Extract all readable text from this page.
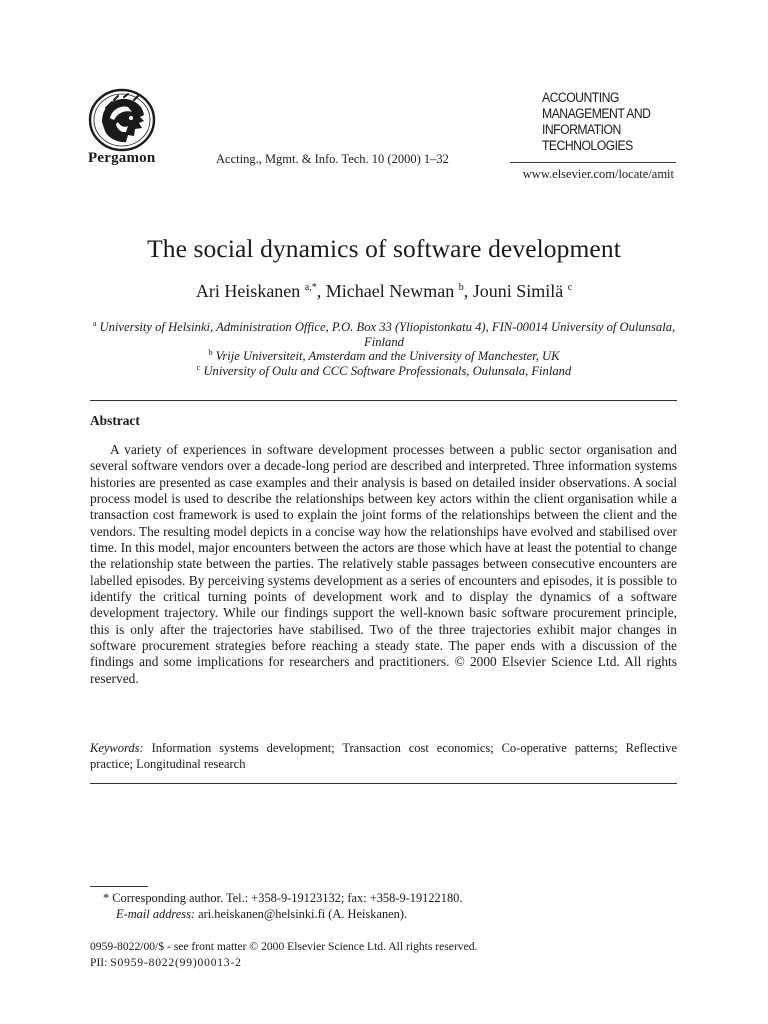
Pergamon	Accting., Mgmt. & Info. Tech. 10 (2000) 1–32
ACCOUNTING
MANAGEMENT AND
INFORMATION
TECHNOLOGIES
www.elsevier.com/locate/amit
The social dynamics of software development
Ari Heiskanen $^{a,*}$, Michael Newman $^b$, Jouni Similä $^c$
$^a$ University of Helsinki, Administration Office, P.O. Box 33 (Yliopistonkatu 4), FIN-00014 University of Oulunsala, Finland
$^b$ Vrije Universiteit, Amsterdam and the University of Manchester, UK
$^c$ University of Oulu and CCC Software Professionals, Oulunsala, Finland
Abstract

A variety of experiences in software development processes between a public sector organisation and several software vendors over a decade-long period are described and interpreted. Three information systems histories are presented as case examples and their analysis is based on detailed insider observations. A social process model is used to describe the relationships between key actors within the client organisation while a transaction cost framework is used to explain the joint forms of the relationships between the client and the vendors. The resulting model depicts in a concise way how the relationships have evolved and stabilised over time. In this model, major encounters between the actors are those which have at least the potential to change the relationship state between the parties. The relatively stable passages between consecutive encounters are labelled episodes. By perceiving systems development as a series of encounters and episodes, it is possible to identify the critical turning points of development work and to display the dynamics of a software development trajectory. While our findings support the well-known basic software procurement principle, this is only after the trajectories have stabilised. Two of the three trajectories exhibit major changes in software procurement strategies before reaching a steady state. The paper ends with a discussion of the findings and some implications for researchers and practitioners. © 2000 Elsevier Science Ltd. All rights reserved.

Keywords: Information systems development; Transaction cost economics; Co-operative patterns; Reflective practice; Longitudinal research

* Corresponding author. Tel.: +358-9-19123132; fax: +358-9-19122180.
E-mail address: ari.heiskanen@helsinki.fi (A. Heiskanen).
0959-8022/00/$ - see front matter © 2000 Elsevier Science Ltd. All rights reserved.
PII: S0959-8022(99)00013-2
